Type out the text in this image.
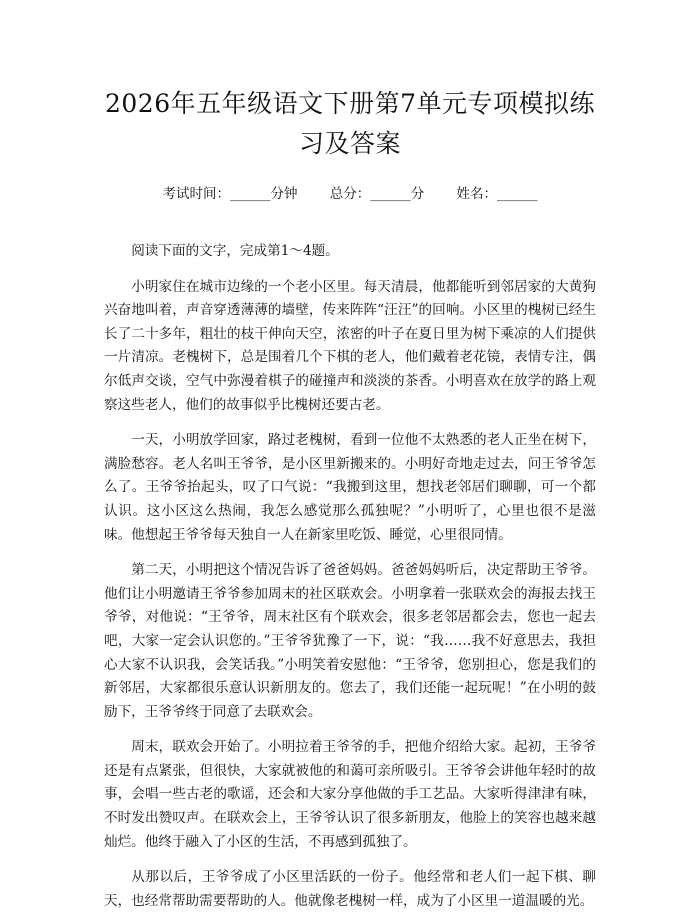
2026年五年级语文下册第7单元专项模拟练习及答案
考试时间：______分钟 总分：______分 姓名：______

阅读下面的文字，完成第1～4题。

小明家住在城市边缘的一个老小区里。每天清晨，他都能听到邻居家的大黄狗兴奋地叫着，声音穿透薄薄的墙壁，传来阵阵“汪汪”的回响。小区里的槐树已经生长了二十多年，粗壮的枝干伸向天空，浓密的叶子在夏日里为树下乘凉的人们提供一片清凉。老槐树下，总是围着几个下棋的老人，他们戴着老花镜，表情专注，偶尔低声交谈，空气中弥漫着棋子的碰撞声和淡淡的茶香。小明喜欢在放学的路上观察这些老人，他们的故事似乎比槐树还要古老。

一天，小明放学回家，路过老槐树，看到一位他不太熟悉的老人正坐在树下，满脸愁容。老人名叫王爷爷，是小区里新搬来的。小明好奇地走过去，问王爷爷怎么了。王爷爷抬起头，叹了口气说：“我搬到这里，想找老邻居们聊聊，可一个都认识。这小区这么热闹，我怎么感觉那么孤独呢？”小明听了，心里也很不是滋味。他想起王爷爷每天独自一人在新家里吃饭、睡觉，心里很同情。

第二天，小明把这个情况告诉了爸爸妈妈。爸爸妈妈听后，决定帮助王爷爷。他们让小明邀请王爷爷参加周末的社区联欢会。小明拿着一张联欢会的海报去找王爷爷，对他说：“王爷爷，周末社区有个联欢会，很多老邻居都会去，您也一起去吧，大家一定会认识您的。”王爷爷犹豫了一下，说：“我……我不好意思去，我担心大家不认识我，会笑话我。”小明笑着安慰他：“王爷爷，您别担心，您是我们的新邻居，大家都很乐意认识新朋友的。您去了，我们还能一起玩呢！”在小明的鼓励下，王爷爷终于同意了去联欢会。

周末，联欢会开始了。小明拉着王爷爷的手，把他介绍给大家。起初，王爷爷还是有点紧张，但很快，大家就被他的和蔼可亲所吸引。王爷爷会讲他年轻时的故事，会唱一些古老的歌谣，还会和大家分享他做的手工艺品。大家听得津津有味，不时发出赞叹声。在联欢会上，王爷爷认识了很多新朋友，他脸上的笑容也越来越灿烂。他终于融入了小区的生活，不再感到孤独了。

从那以后，王爷爷成了小区里活跃的一份子。他经常和老人们一起下棋、聊天，也经常帮助需要帮助的人。他就像老槐树一样，成为了小区里一道温暖的光。
